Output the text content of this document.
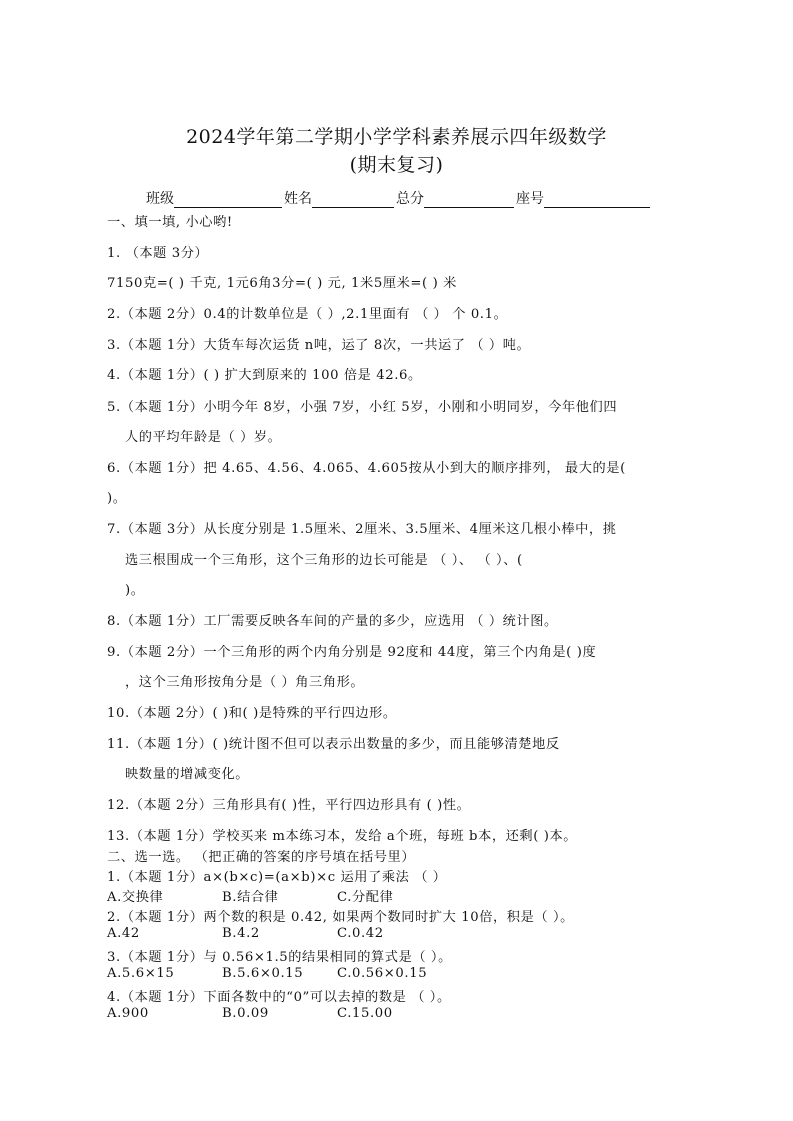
2024学年第二学期小学学科素养展示四年级数学
(期末复习)
班级	姓名	总分	座号
一、填一填, 小心哟!
1. （本题 3分）
7150克=( ) 千克, 1元6角3分=( ) 元, 1米5厘米=( ) 米
2.（本题 2分）0.4的计数单位是（ ）,2.1里面有 （ ） 个 0.1。
3.（本题 1分）大货车每次运货 n吨，运了 8次，一共运了 （ ）吨。
4.（本题 1分）( ) 扩大到原来的 100 倍是 42.6。
5.（本题 1分）小明今年 8岁，小强 7岁，小红 5岁，小刚和小明同岁，今年他们四
人的平均年龄是（ ）岁。
6.（本题 1分）把 4.65、4.56、4.065、4.605按从小到大的顺序排列， 最大的是(
)。
7.（本题 3分）从长度分别是 1.5厘米、2厘米、3.5厘米、4厘米这几根小棒中，挑
选三根围成一个三角形，这个三角形的边长可能是 （ ）、 （ ）、(
)。
8.（本题 1分）工厂需要反映各车间的产量的多少，应选用 （ ）统计图。
9.（本题 2分）一个三角形的两个内角分别是 92度和 44度，第三个内角是( )度
，这个三角形按角分是（ ）角三角形。
10.（本题 2分）( )和( )是特殊的平行四边形。
11.（本题 1分）( )统计图不但可以表示出数量的多少，而且能够清楚地反
映数量的增减变化。
12.（本题 2分）三角形具有( )性，平行四边形具有 ( )性。
13.（本题 1分）学校买来 m本练习本，发给 a个班，每班 b本，还剩( )本。
二、选一选。 （把正确的答案的序号填在括号里）
1.（本题 1分）a×(b×c)=(a×b)×c 运用了乘法 （ ）
A.交换律	B.结合律	C.分配律
2.（本题 1分）两个数的积是 0.42, 如果两个数同时扩大 10倍，积是（ ）。
A.42	B.4.2	C.0.42
3.（本题 1分）与 0.56×1.5的结果相同的算式是（ ）。
A.5.6×15	B.5.6×0.15	C.0.56×0.15
4.（本题 1分）下面各数中的“0”可以去掉的数是 （ ）。
A.900	B.0.09	C.15.00
